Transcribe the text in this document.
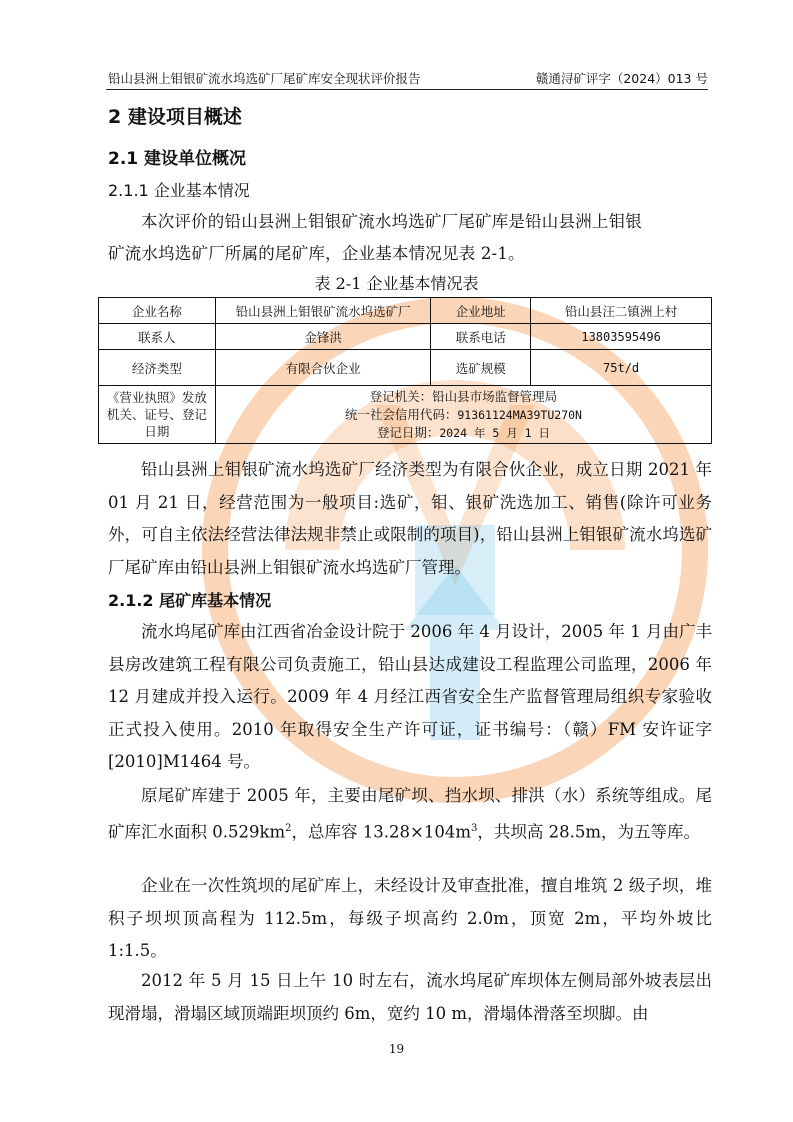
铅山县洲上钼银矿流水坞选矿厂尾矿库安全现状评价报告	赣通浔矿评字（2024）013 号
2 建设项目概述
2.1 建设单位概况
2.1.1 企业基本情况
本次评价的铅山县洲上钼银矿流水坞选矿厂尾矿库是铅山县洲上钼银
矿流水坞选矿厂所属的尾矿库，企业基本情况见表 2-1。
表 2-1 企业基本情况表
企业名称	铅山县洲上钼银矿流水坞选矿厂	企业地址	铅山县汪二镇洲上村
联系人	金锋洪	联系电话	13803595496
经济类型	有限合伙企业	选矿规模	75t/d
《营业执照》发放机关、证号、登记日期	登记机关：铅山县市场监督管理局
统一社会信用代码：91361124MA39TU270N
登记日期：2024 年 5 月 1 日		

铅山县洲上钼银矿流水坞选矿厂经济类型为有限合伙企业，成立日期 2021 年 01 月 21 日，经营范围为一般项目:选矿，钼、银矿洗选加工、销售(除许可业务外，可自主依法经营法律法规非禁止或限制的项目)，铅山县洲上钼银矿流水坞选矿厂尾矿库由铅山县洲上钼银矿流水坞选矿厂管理。

2.1.2 尾矿库基本情况

流水坞尾矿库由江西省冶金设计院于 2006 年 4 月设计，2005 年 1 月由广丰县房改建筑工程有限公司负责施工，铅山县达成建设工程监理公司监理，2006 年 12 月建成并投入运行。2009 年 4 月经江西省安全生产监督管理局组织专家验收正式投入使用。2010 年取得安全生产许可证，证书编号：（赣）FM 安许证字[2010]M1464 号。

原尾矿库建于 2005 年，主要由尾矿坝、挡水坝、排洪（水）系统等组成。尾矿库汇水面积 $0.529km^2$，总库容 $13.28\times 104m^3$，共坝高 28.5m，为五等库。

企业在一次性筑坝的尾矿库上，未经设计及审查批准，擅自堆筑 2 级子坝，堆积子坝坝顶高程为 112.5m，每级子坝高约 2.0m，顶宽 2m，平均外坡比 1:1.5。

2012 年 5 月 15 日上午 10 时左右，流水坞尾矿库坝体左侧局部外坡表层出现滑塌，滑塌区域顶端距坝顶约 6m，宽约 10 m，滑塌体滑落至坝脚。由

19
